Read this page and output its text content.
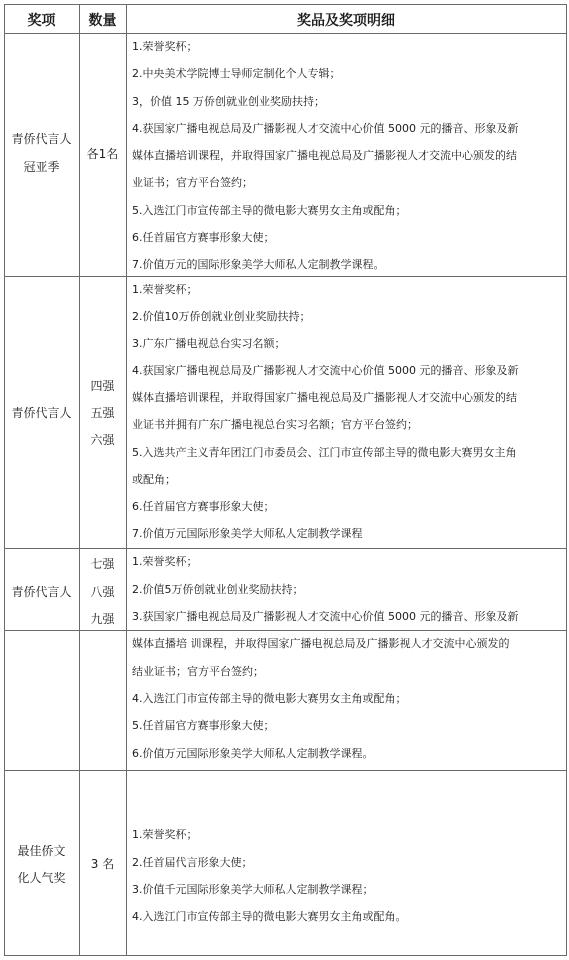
奖项	数量	奖品及奖项明细
青侨代言人
冠亚季
各1名
1.荣誉奖杯；
2.中央美术学院博士导师定制化个人专辑；
3，价值 15 万侨创就业创业奖励扶持；
4.获国家广播电视总局及广播影视人才交流中心价值 5000 元的播音、形象及新
媒体直播培训课程，并取得国家广播电视总局及广播影视人才交流中心颁发的结
业证书；官方平台签约；
5.入选江门市宣传部主导的微电影大赛男女主角或配角；
6.任首届官方赛事形象大使；
7.价值万元的国际形象美学大师私人定制教学课程。
青侨代言人
四强
五强
六强
1.荣誉奖杯；
2.价值10万侨创就业创业奖励扶持；
3.广东广播电视总台实习名额；
4.获国家广播电视总局及广播影视人才交流中心价值 5000 元的播音、形象及新
媒体直播培训课程，并取得国家广播电视总局及广播影视人才交流中心颁发的结
业证书并拥有广东广播电视总台实习名额；官方平台签约；
5.入选共产主义青年团江门市委员会、江门市宣传部主导的微电影大赛男女主角
或配角；
6.任首届官方赛事形象大使；
7.价值万元国际形象美学大师私人定制教学课程
青侨代言人
七强
八强
九强
1.荣誉奖杯；
2.价值5万侨创就业创业奖励扶持；
3.获国家广播电视总局及广播影视人才交流中心价值 5000 元的播音、形象及新
媒体直播培 训课程，并取得国家广播电视总局及广播影视人才交流中心颁发的
结业证书；官方平台签约；
4.入选江门市宣传部主导的微电影大赛男女主角或配角；
5.任首届官方赛事形象大使；
6.价值万元国际形象美学大师私人定制教学课程。
最佳侨文
化人气奖
3 名
1.荣誉奖杯；
2.任首届代言形象大使；
3.价值千元国际形象美学大师私人定制教学课程；
4.入选江门市宣传部主导的微电影大赛男女主角或配角。
